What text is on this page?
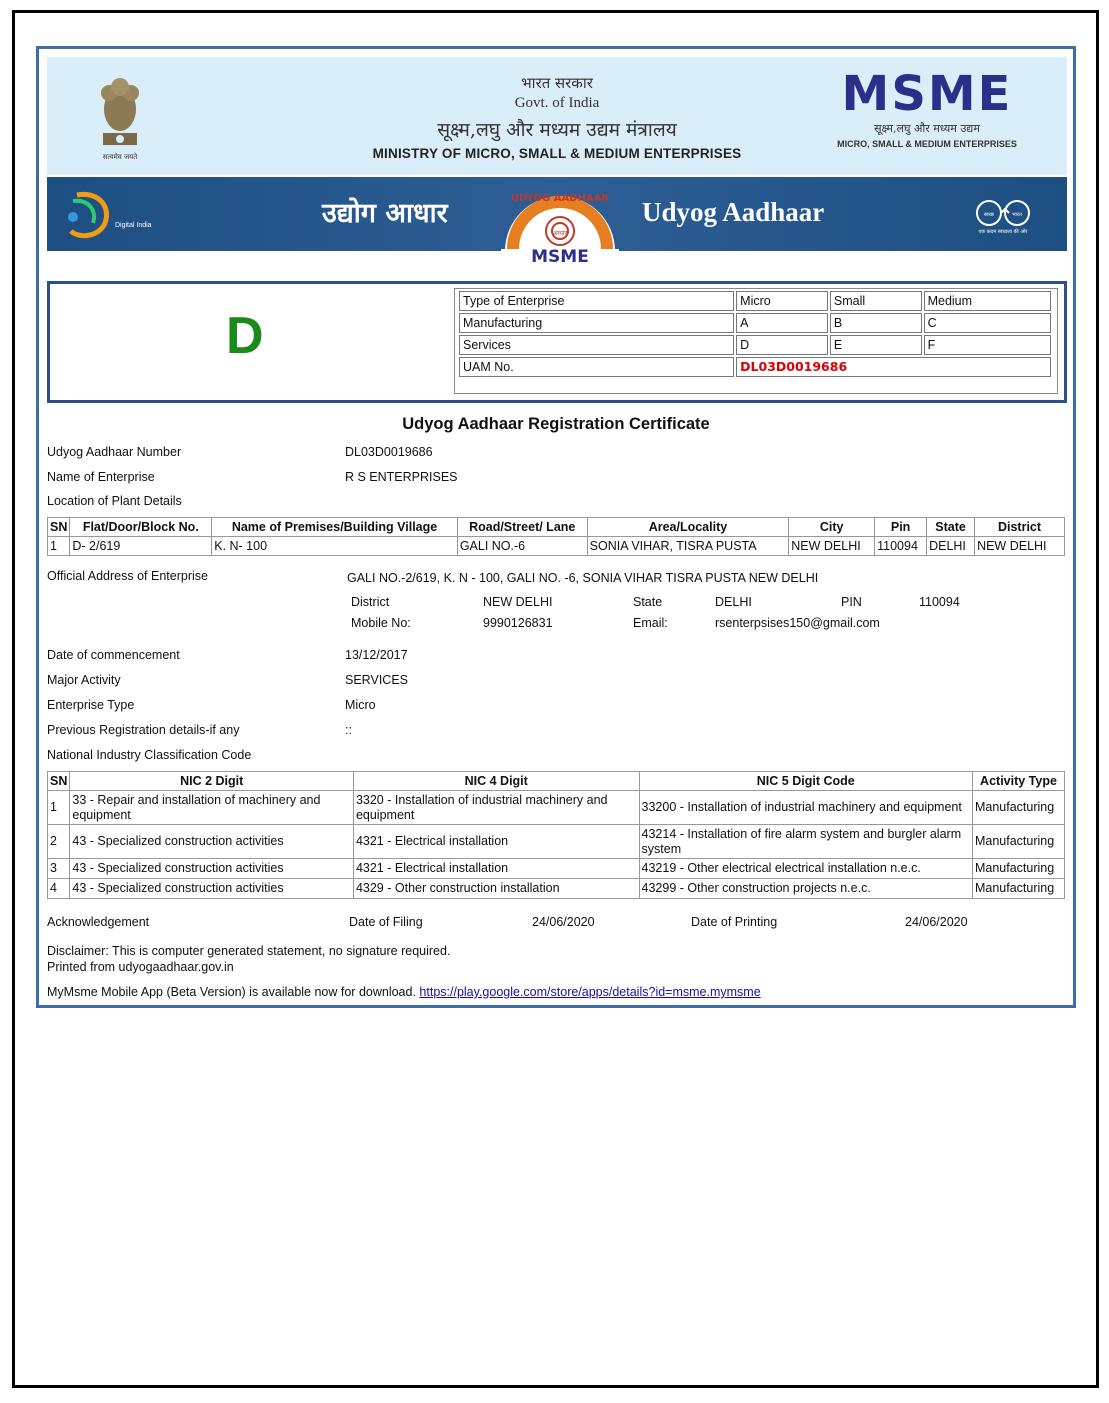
सत्यमेव जयते
भारत सरकार
Govt. of India
सूक्ष्म,लघु और मध्यम उद्यम मंत्रालय
MINISTRY OF MICRO, SMALL & MEDIUM ENTERPRISES
MSME
सूक्ष्म,लघु और मध्यम उद्यम
MICRO, SMALL & MEDIUM ENTERPRISES
Digital India	उद्योग आधार	UDYOG AADHAAR
आधार
MSME
Udyog Aadhaar	स्वच्छ	भारत
एक कदम स्वच्छता की ओर
D
Type of Enterprise	Micro	Small	Medium
Manufacturing	A	B	C
Services	D	E	F
UAM No.	DL03D0019686		
Udyog Aadhaar Registration Certificate
Udyog Aadhaar Number	DL03D0019686
Name of Enterprise	R S ENTERPRISES
Location of Plant Details
SN	Flat/Door/Block No.	Name of Premises/Building Village	Road/Street/ Lane	Area/Locality	City	Pin	State	District
1	D- 2/619	K. N- 100	GALI NO.-6	SONIA VIHAR, TISRA PUSTA	NEW DELHI	110094	DELHI	NEW DELHI
Official Address of Enterprise	GALI NO.-2/619, K. N - 100, GALI NO. -6, SONIA VIHAR TISRA PUSTA NEW DELHI
District	NEW DELHI	State	DELHI	PIN	110094
Mobile No:	9990126831	Email:	rsenterpsises150@gmail.com
Date of commencement	13/12/2017
Major Activity	SERVICES
Enterprise Type	Micro
Previous Registration details-if any	::
National Industry Classification Code
SN	NIC 2 Digit	NIC 4 Digit	NIC 5 Digit Code	Activity Type
1	33 - Repair and installation of machinery and equipment	3320 - Installation of industrial machinery and equipment	33200 - Installation of industrial machinery and equipment	Manufacturing
2	43 - Specialized construction activities	4321 - Electrical installation	43214 - Installation of fire alarm system and burgler alarm system	Manufacturing
3	43 - Specialized construction activities	4321 - Electrical installation	43219 - Other electrical electrical installation n.e.c.	Manufacturing
4	43 - Specialized construction activities	4329 - Other construction installation	43299 - Other construction projects n.e.c.	Manufacturing
Acknowledgement	Date of Filing	24/06/2020	Date of Printing	24/06/2020
Disclaimer: This is computer generated statement, no signature required.
Printed from udyogaadhaar.gov.in
MyMsme Mobile App (Beta Version) is available now for download. https://play.google.com/store/apps/details?id=msme.mymsme
